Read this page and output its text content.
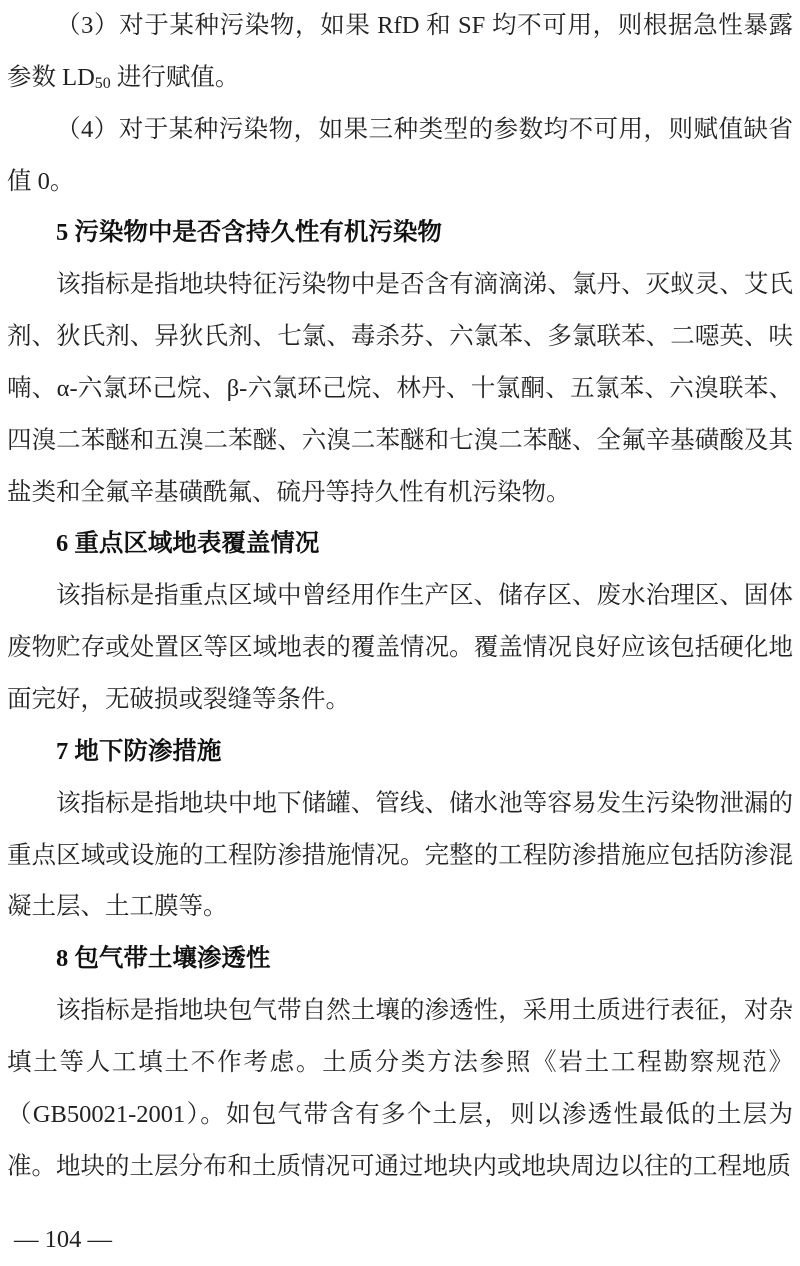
（3）对于某种污染物，如果 RfD 和 SF 均不可用，则根据急性暴露参数 $LD_{50}$ 进行赋值。

（4）对于某种污染物，如果三种类型的参数均不可用，则赋值缺省值 0。

5 污染物中是否含持久性有机污染物

该指标是指地块特征污染物中是否含有滴滴涕、氯丹、灭蚁灵、艾氏剂、狄氏剂、异狄氏剂、七氯、毒杀芬、六氯苯、多氯联苯、二噁英、呋喃、α-六氯环己烷、β-六氯环己烷、林丹、十氯酮、五氯苯、六溴联苯、四溴二苯醚和五溴二苯醚、六溴二苯醚和七溴二苯醚、全氟辛基磺酸及其盐类和全氟辛基磺酰氟、硫丹等持久性有机污染物。

6 重点区域地表覆盖情况

该指标是指重点区域中曾经用作生产区、储存区、废水治理区、固体废物贮存或处置区等区域地表的覆盖情况。覆盖情况良好应该包括硬化地面完好，无破损或裂缝等条件。

7 地下防渗措施

该指标是指地块中地下储罐、管线、储水池等容易发生污染物泄漏的重点区域或设施的工程防渗措施情况。完整的工程防渗措施应包括防渗混凝土层、土工膜等。

8 包气带土壤渗透性

该指标是指地块包气带自然土壤的渗透性，采用土质进行表征，对杂填土等人工填土不作考虑。土质分类方法参照《岩土工程勘察规范》（GB50021-2001）。如包气带含有多个土层，则以渗透性最低的土层为准。地块的土层分布和土质情况可通过地块内或地块周边以往的工程地质

— 104 —
